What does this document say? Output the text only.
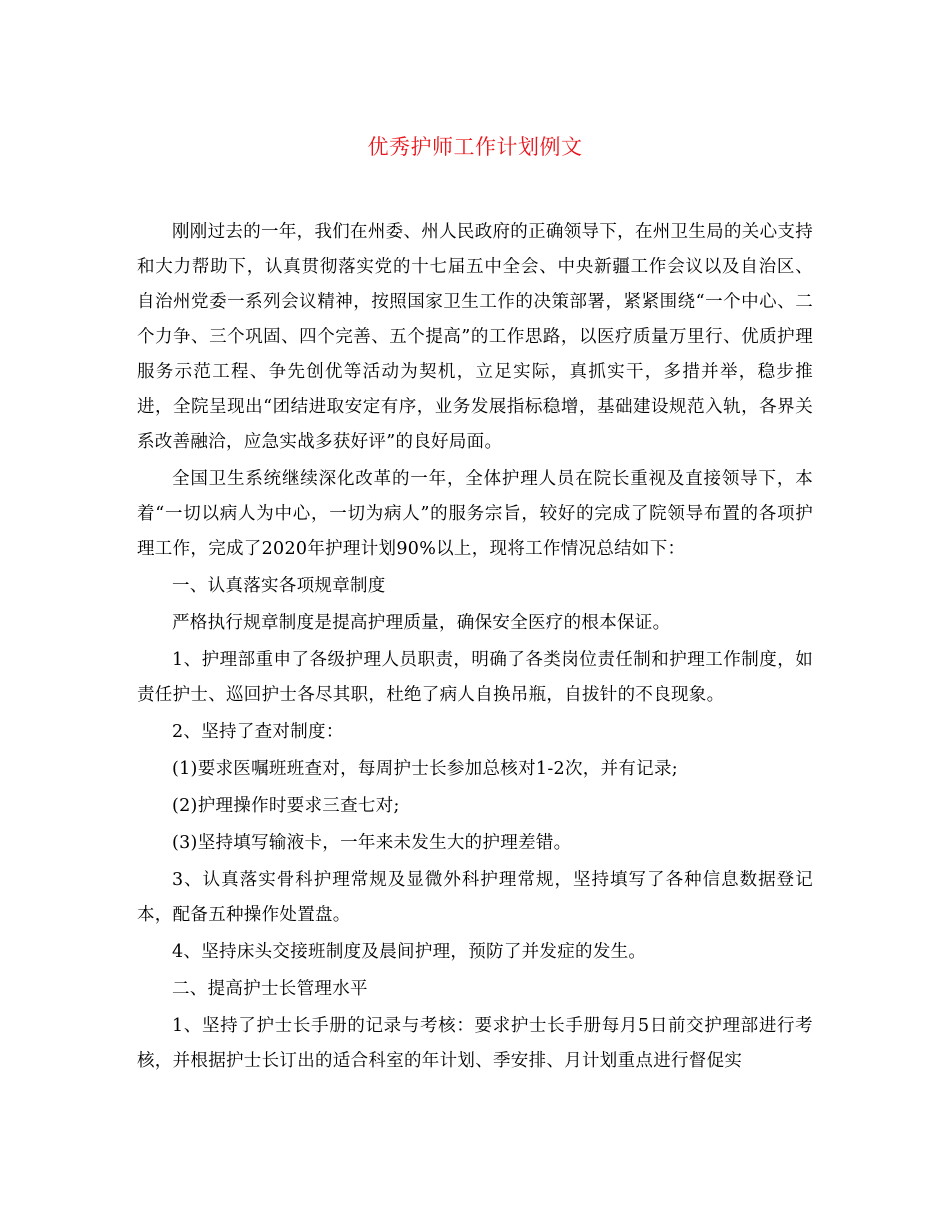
优秀护师工作计划例文

刚刚过去的一年，我们在州委、州人民政府的正确领导下，在州卫生局的关心支持和大力帮助下，认真贯彻落实党的十七届五中全会、中央新疆工作会议以及自治区、自治州党委一系列会议精神，按照国家卫生工作的决策部署，紧紧围绕“一个中心、二个力争、三个巩固、四个完善、五个提高”的工作思路，以医疗质量万里行、优质护理服务示范工程、争先创优等活动为契机，立足实际，真抓实干，多措并举，稳步推进，全院呈现出“团结进取安定有序，业务发展指标稳增，基础建设规范入轨，各界关系改善融洽，应急实战多获好评”的良好局面。

全国卫生系统继续深化改革的一年，全体护理人员在院长重视及直接领导下，本着“一切以病人为中心，一切为病人”的服务宗旨，较好的完成了院领导布置的各项护理工作，完成了2020年护理计划90%以上，现将工作情况总结如下：

一、认真落实各项规章制度

严格执行规章制度是提高护理质量，确保安全医疗的根本保证。

1、护理部重申了各级护理人员职责，明确了各类岗位责任制和护理工作制度，如责任护士、巡回护士各尽其职，杜绝了病人自换吊瓶，自拔针的不良现象。

2、坚持了查对制度：

(1)要求医嘱班班查对，每周护士长参加总核对1-2次，并有记录;

(2)护理操作时要求三查七对;

(3)坚持填写输液卡，一年来未发生大的护理差错。

3、认真落实骨科护理常规及显微外科护理常规，坚持填写了各种信息数据登记本，配备五种操作处置盘。

4、坚持床头交接班制度及晨间护理，预防了并发症的发生。

二、提高护士长管理水平

1、坚持了护士长手册的记录与考核：要求护士长手册每月5日前交护理部进行考核，并根据护士长订出的适合科室的年计划、季安排、月计划重点进行督促实
